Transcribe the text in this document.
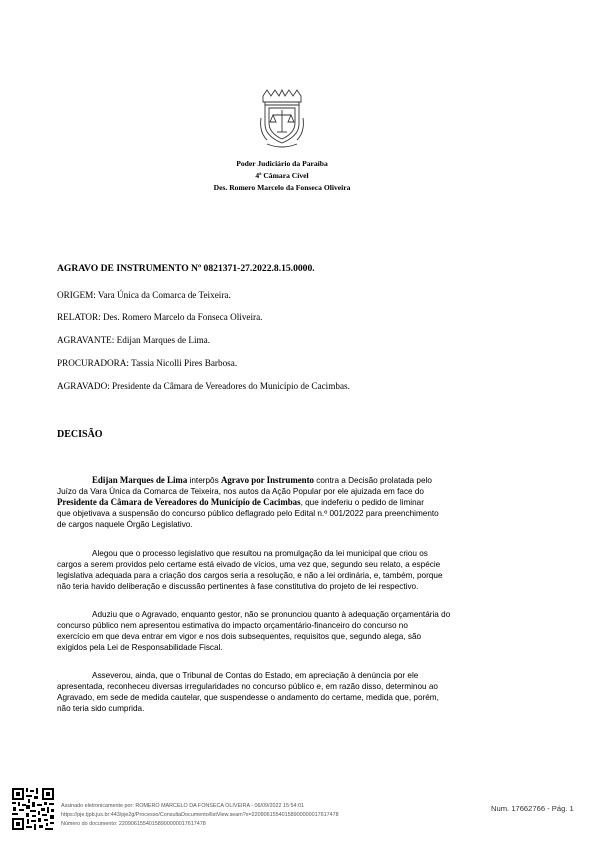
Poder Judiciário da Paraíba
4ª Câmara Cível
Des. Romero Marcelo da Fonseca Oliveira
AGRAVO DE INSTRUMENTO Nº 0821371-27.2022.8.15.0000.
ORIGEM: Vara Única da Comarca de Teixeira.
RELATOR: Des. Romero Marcelo da Fonseca Oliveira.
AGRAVANTE: Edijan Marques de Lima.
PROCURADORA: Tassia Nicolli Pires Barbosa.
AGRAVADO: Presidente da Câmara de Vereadores do Município de Cacimbas.
DECISÃO
Edijan Marques de Lima interpôs Agravo por Instrumento contra a Decisão prolatada pelo
Juízo da Vara Única da Comarca de Teixeira, nos autos da Ação Popular por ele ajuizada em face do
Presidente da Câmara de Vereadores do Município de Cacimbas, que indeferiu o pedido de liminar
que objetivava a suspensão do concurso público deflagrado pelo Edital n.º 001/2022 para preenchimento
de cargos naquele Órgão Legislativo.
Alegou que o processo legislativo que resultou na promulgação da lei municipal que criou os
cargos a serem providos pelo certame está eivado de vícios, uma vez que, segundo seu relato, a espécie
legislativa adequada para a criação dos cargos seria a resolução, e não a lei ordinária, e, também, porque
não teria havido deliberação e discussão pertinentes à fase constitutiva do projeto de lei respectivo.
Aduziu que o Agravado, enquanto gestor, não se pronunciou quanto à adequação orçamentária do
concurso público nem apresentou estimativa do impacto orçamentário-financeiro do concurso no
exercício em que deva entrar em vigor e nos dois subsequentes, requisitos que, segundo alega, são
exigidos pela Lei de Responsabilidade Fiscal.
Asseverou, ainda, que o Tribunal de Contas do Estado, em apreciação à denúncia por ele
apresentada, reconheceu diversas irregularidades no concurso público e, em razão disso, determinou ao
Agravado, em sede de medida cautelar, que suspendesse o andamento do certame, medida que, porém,
não teria sido cumprida.
Assinado eletronicamente por: ROMERO MARCELO DA FONSECA OLIVEIRA - 06/09/2022 15:54:01
https://pje.tjpb.jus.br:443/pje2g/Processo/ConsultaDocumento/listView.seam?x=22090615540158900000017617478
Número do documento: 22090615540158900000017617478
Num. 17662766 - Pág. 1
